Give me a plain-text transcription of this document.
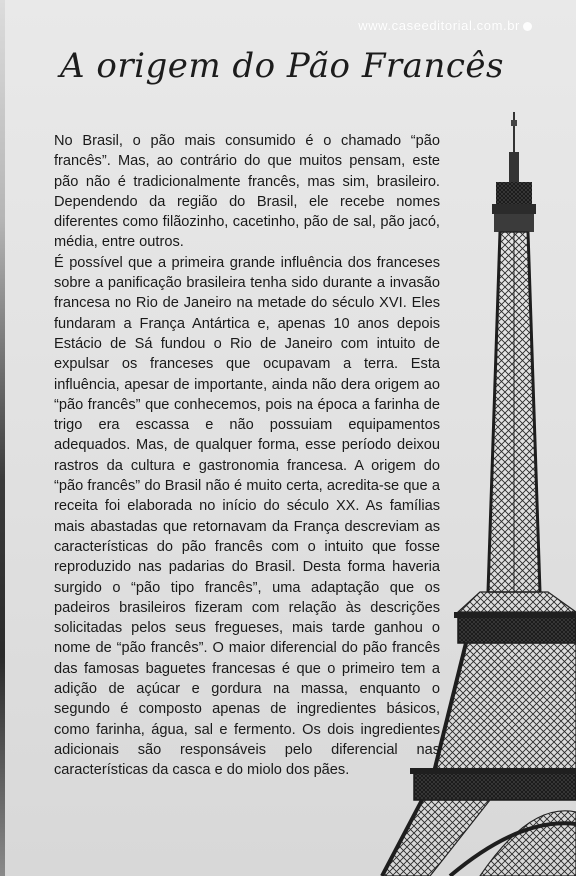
www.caseeditorial.com.br
A origem do Pão Francês

No Brasil, o pão mais consumido é o chamado “pão francês”. Mas, ao contrário do que muitos pensam, este pão não é tradicionalmente francês, mas sim, brasileiro. Dependendo da região do Brasil, ele recebe nomes diferentes como filãozinho, cacetinho, pão de sal, pão jacó, média, entre outros.

É possível que a primeira grande influência dos franceses sobre a panificação brasileira tenha sido durante a invasão francesa no Rio de Janeiro na metade do século XVI. Eles fundaram a França Antártica e, apenas 10 anos depois Estácio de Sá fundou o Rio de Janeiro com intuito de expulsar os franceses que ocupavam a terra. Esta influência, apesar de importante, ainda não dera origem ao “pão francês” que conhecemos, pois na época a farinha de trigo era escassa e não possuiam equipamentos adequados. Mas, de qualquer forma, esse período deixou rastros da cultura e gastronomia francesa. A origem do “pão francês” do Brasil não é muito certa, acredita-se que a receita foi elaborada no início do século XX. As famílias mais abastadas que retornavam da França descreviam as características do pão francês com o intuito que fosse reproduzido nas padarias do Brasil. Desta forma haveria surgido o “pão tipo francês”, uma adaptação que os padeiros brasileiros fizeram com relação às descrições solicitadas pelos seus fregueses, mais tarde ganhou o nome de “pão francês”. O maior diferencial do pão francês das famosas baguetes francesas é que o primeiro tem a adição de açúcar e gordura na massa, enquanto o segundo é composto apenas de ingredientes básicos, como farinha, água, sal e fermento. Os dois ingredientes adicionais são responsáveis pelo diferencial nas características da casca e do miolo dos pães.
